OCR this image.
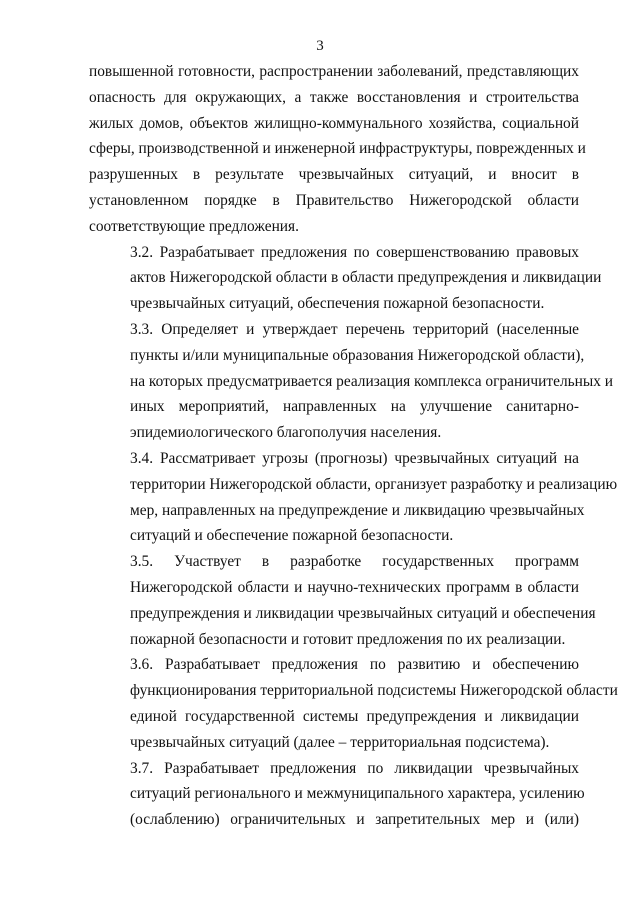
3
повышенной готовности, распространении заболеваний, представляющих
опасность для окружающих, а также восстановления и строительства
жилых домов, объектов жилищно-коммунального хозяйства, социальной
сферы, производственной и инженерной инфраструктуры, поврежденных и
разрушенных в результате чрезвычайных ситуаций, и вносит в
установленном порядке в Правительство Нижегородской области
соответствующие предложения.
3.2. Разрабатывает предложения по совершенствованию правовых
актов Нижегородской области в области предупреждения и ликвидации
чрезвычайных ситуаций, обеспечения пожарной безопасности.
3.3. Определяет и утверждает перечень территорий (населенные
пункты и/или муниципальные образования Нижегородской области),
на которых предусматривается реализация комплекса ограничительных и
иных мероприятий, направленных на улучшение санитарно-
эпидемиологического благополучия населения.
3.4. Рассматривает угрозы (прогнозы) чрезвычайных ситуаций на
территории Нижегородской области, организует разработку и реализацию
мер, направленных на предупреждение и ликвидацию чрезвычайных
ситуаций и обеспечение пожарной безопасности.
3.5. Участвует в разработке государственных программ
Нижегородской области и научно-технических программ в области
предупреждения и ликвидации чрезвычайных ситуаций и обеспечения
пожарной безопасности и готовит предложения по их реализации.
3.6. Разрабатывает предложения по развитию и обеспечению
функционирования территориальной подсистемы Нижегородской области
единой государственной системы предупреждения и ликвидации
чрезвычайных ситуаций (далее – территориальная подсистема).
3.7. Разрабатывает предложения по ликвидации чрезвычайных
ситуаций регионального и межмуниципального характера, усилению
(ослаблению) ограничительных и запретительных мер и (или)
